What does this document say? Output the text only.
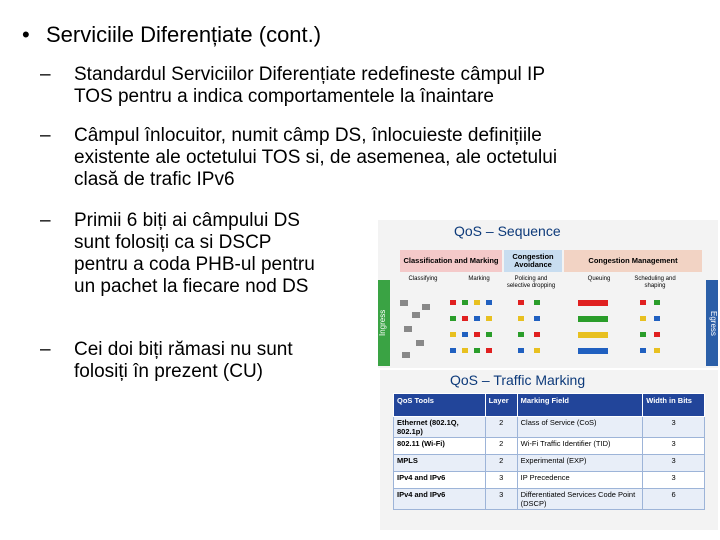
• Serviciile Diferențiate (cont.)
– Standardul Serviciilor Diferențiate redefineste câmpul IP
TOS pentru a indica comportamentele la înaintare
– Câmpul înlocuitor, numit câmp DS, înlocuieste definițiile
existente ale octetului TOS si, de asemenea, ale octetului
clasă de trafic IPv6
– Primii 6 biți ai câmpului DS
sunt folosiți ca si DSCP
pentru a coda PHB-ul pentru
un pachet la fiecare nod DS
– Cei doi biți rămasi nu sunt
folosiți în prezent (CU)
QoS – Sequence
Classification and Marking	Congestion Avoidance	Congestion Management
Classifying	Marking	Policing and selective dropping
Queuing	Scheduling and shaping
Ingress	Egress
QoS – Traffic Marking
QoS Tools	Layer	Marking Field	Width in Bits
Ethernet (802.1Q, 802.1p)	2	Class of Service (CoS)	3
802.11 (Wi-Fi)	2	Wi-Fi Traffic Identifier (TID)	3
MPLS	2	Experimental (EXP)	3
IPv4 and IPv6	3	IP Precedence	3
IPv4 and IPv6	3	Differentiated Services Code Point (DSCP)	6
